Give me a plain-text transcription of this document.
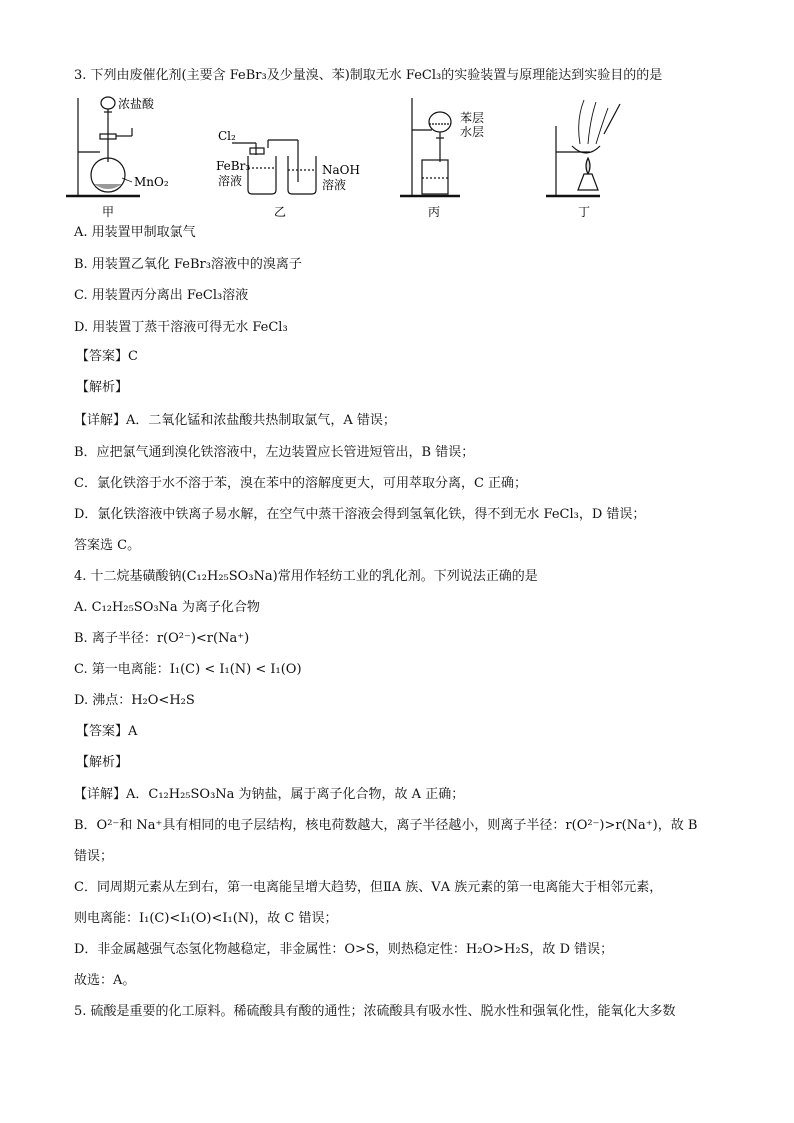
3. 下列由废催化剂(主要含 FeBr₃及少量溴、苯)制取无水 FeCl₃的实验装置与原理能达到实验目的的是
浓盐酸
MnO₂
甲
Cl₂
FeBr₃
溶液
NaOH
溶液
乙
苯层
水层
丙	丁
A. 用装置甲制取氯气
B. 用装置乙氧化 FeBr₃溶液中的溴离子
C. 用装置丙分离出 FeCl₃溶液
D. 用装置丁蒸干溶液可得无水 FeCl₃
【答案】C
【解析】
【详解】A．二氧化锰和浓盐酸共热制取氯气，A 错误；
B．应把氯气通到溴化铁溶液中，左边装置应长管进短管出，B 错误；
C．氯化铁溶于水不溶于苯，溴在苯中的溶解度更大，可用萃取分离，C 正确；
D．氯化铁溶液中铁离子易水解，在空气中蒸干溶液会得到氢氧化铁，得不到无水 FeCl₃，D 错误；
答案选 C。
4. 十二烷基磺酸钠(C₁₂H₂₅SO₃Na)常用作轻纺工业的乳化剂。下列说法正确的是
A. C₁₂H₂₅SO₃Na 为离子化合物
B. 离子半径：r(O²⁻)<r(Na⁺)
C. 第一电离能：I₁(C) < I₁(N) < I₁(O)
D. 沸点：H₂O<H₂S
【答案】A
【解析】
【详解】A．C₁₂H₂₅SO₃Na 为钠盐，属于离子化合物，故 A 正确；
B．O²⁻和 Na⁺具有相同的电子层结构，核电荷数越大，离子半径越小，则离子半径：r(O²⁻)>r(Na⁺)，故 B
错误；
C．同周期元素从左到右，第一电离能呈增大趋势，但ⅡA 族、ⅤA 族元素的第一电离能大于相邻元素，
则电离能：I₁(C)<I₁(O)<I₁(N)，故 C 错误；
D．非金属越强气态氢化物越稳定，非金属性：O>S，则热稳定性：H₂O>H₂S，故 D 错误；
故选：A。
5. 硫酸是重要的化工原料。稀硫酸具有酸的通性；浓硫酸具有吸水性、脱水性和强氧化性，能氧化大多数
